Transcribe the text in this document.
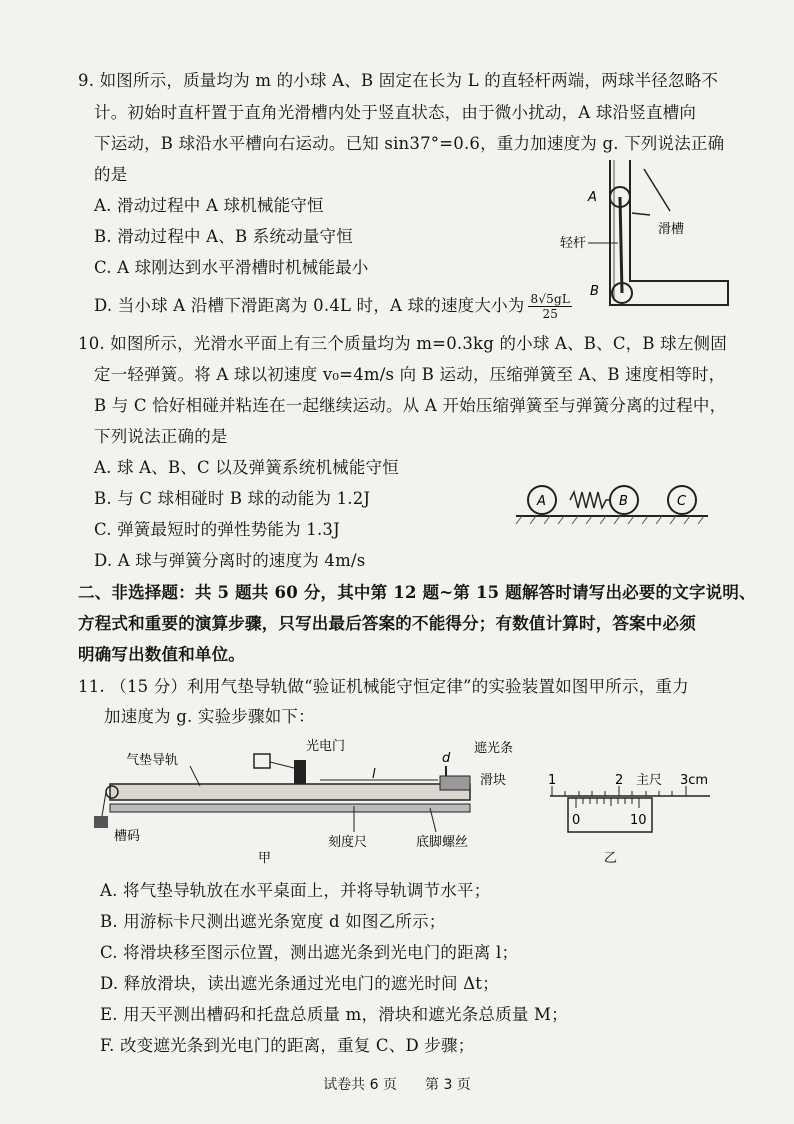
9. 如图所示，质量均为 m 的小球 A、B 固定在长为 L 的直轻杆两端，两球半径忽略不
计。初始时直杆置于直角光滑槽内处于竖直状态，由于微小扰动，A 球沿竖直槽向
下运动，B 球沿水平槽向右运动。已知 sin37°=0.6，重力加速度为 g. 下列说法正确
的是
A. 滑动过程中 A 球机械能守恒
B. 滑动过程中 A、B 系统动量守恒
C. A 球刚达到水平滑槽时机械能最小
D. 当小球 A 沿槽下滑距离为 0.4L 时，A 球的速度大小为 $\frac{8√5gL}{25}$
A
B
轻杆
滑槽
10. 如图所示，光滑水平面上有三个质量均为 m=0.3kg 的小球 A、B、C，B 球左侧固
定一轻弹簧。将 A 球以初速度 v₀=4m/s 向 B 运动，压缩弹簧至 A、B 速度相等时，
B 与 C 恰好相碰并粘连在一起继续运动。从 A 开始压缩弹簧至与弹簧分离的过程中，
下列说法正确的是
A. 球 A、B、C 以及弹簧系统机械能守恒
B. 与 C 球相碰时 B 球的动能为 1.2J
C. 弹簧最短时的弹性势能为 1.3J
D. A 球与弹簧分离时的速度为 4m/s
A	B	C
二、非选择题：共 5 题共 60 分，其中第 12 题~第 15 题解答时请写出必要的文字说明、
方程式和重要的演算步骤，只写出最后答案的不能得分；有数值计算时，答案中必须
明确写出数值和单位。
11. （15 分）利用气垫导轨做“验证机械能守恒定律”的实验装置如图甲所示，重力
加速度为 g. 实验步骤如下：
气垫导轨
光电门	遮光条
d
滑块
l
槽码	刻度尺	底脚螺丝
甲
1	2 主尺 3cm
0	10
乙
A. 将气垫导轨放在水平桌面上，并将导轨调节水平；
B. 用游标卡尺测出遮光条宽度 d 如图乙所示；
C. 将滑块移至图示位置，测出遮光条到光电门的距离 l；
D. 释放滑块，读出遮光条通过光电门的遮光时间 Δt；
E. 用天平测出槽码和托盘总质量 m，滑块和遮光条总质量 M；
F. 改变遮光条到光电门的距离，重复 C、D 步骤；
试卷共 6 页　　第 3 页
